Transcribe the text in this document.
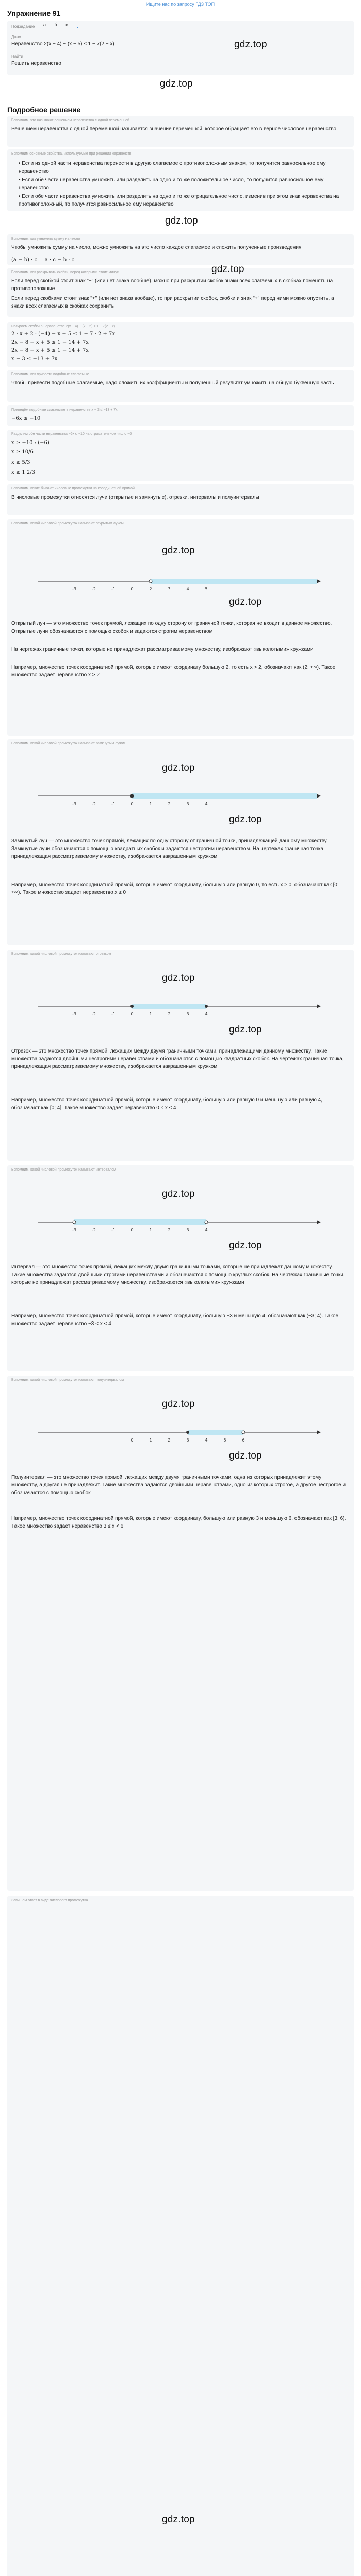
Ищите нас по запросу ГДЗ ТОП
Упражнение 91
Подзадание a б в г
Дано
Неравенство 2(x − 4) − (x − 5) ≤ 1 − 7(2 − x)	gdz.top
Найти
Решить неравенство
gdz.top
Подробное решение
Вспомним, что называют решением неравенства с одной переменной
Решением неравенства с одной переменной называется значение переменной, которое обращает его в верное числовое неравенство
Вспомним основные свойства, используемые при решении неравенств
• Если из одной части неравенства перенести в другую слагаемое с противоположным знаком, то получится равносильное ему неравенство
• Если обе части неравенства умножить или разделить на одно и то же положительное число, то получится равносильное ему неравенство
• Если обе части неравенства умножить или разделить на одно и то же отрицательное число, изменив при этом знак неравенства на противоположный, то получится равносильное ему неравенство
gdz.top
Вспомним, как умножить сумму на число
Чтобы умножить сумму на число, можно умножить на это число каждое слагаемое и сложить полученные произведения
(a − b) · c = a · c − b · c
Вспомним, как раскрывать скобки, перед которыми стоит минус
Если перед скобкой стоит знак "−" (или нет знака вообще), можно при раскрытии скобок знаки всех слагаемых в скобках поменять на противоположные
Если перед скобками стоит знак "+" (или нет знака вообще), то при раскрытии скобок, скобки и знак "+" перед ними можно опустить, а знаки всех слагаемых в скобках сохранить
gdz.top
Раскроем скобки в неравенстве 2(x − 4) − (x − 5) ≤ 1 − 7(2 − x)
2 · x + 2 · (−4) − x + 5 ≤ 1 − 7 · 2 + 7x
2x − 8 − x + 5 ≤ 1 − 14 + 7x
2x − 8 − x + 5 ≤ 1 − 14 + 7x
x − 3 ≤ −13 + 7x
Вспомним, как привести подобные слагаемые
Чтобы привести подобные слагаемые, надо сложить их коэффициенты и полученный результат умножить на общую буквенную часть
Приведём подобные слагаемые в неравенстве x − 3 ≤ −13 + 7x
−6x ≤ −10
Разделим обе части неравенства −6x ≤ −10 на отрицательное число −6
x ≥ −10 : (−6)
x ≥ 10/6
x ≥ 5/3
x ≥ 1 2/3
Вспомним, какие бывают числовые промежутки на координатной прямой
В числовые промежутки относятся лучи (открытые и замкнутые), отрезки, интервалы и полуинтервалы
Вспомним, какой числовой промежуток называют открытым лучом
gdz.top
-3	-2	-1	0	2	3	4	5
gdz.top
Открытый луч — это множество точек прямой, лежащих по одну сторону от граничной точки, которая не входит в данное множество. Открытые лучи обозначаются с помощью скобок и задаются строгим неравенством
На чертежах граничные точки, которые не принадлежат рассматриваемому множеству, изображают «выколотыми» кружками
Например, множество точек координатной прямой, которые имеют координату большую 2, то есть x > 2, обозначают как (2; +∞). Такое множество задает неравенство x > 2
Вспомним, какой числовой промежуток называют замкнутым лучом
gdz.top
-3	-2	-1	0	1	2	3	4
gdz.top
Замкнутый луч — это множество точек прямой, лежащих по одну сторону от граничной точки, принадлежащей данному множеству. Замкнутые лучи обозначаются с помощью квадратных скобок и задаются нестрогим неравенством. На чертежах граничная точка, принадлежащая рассматриваемому множеству, изображается закрашенным кружком
Например, множество точек координатной прямой, которые имеют координату, большую или равную 0, то есть x ≥ 0, обозначают как [0; +∞). Такое множество задает неравенство x ≥ 0
Вспомним, какой числовой промежуток называют отрезком
gdz.top
-3	-2	-1	0	1	2	3	4
gdz.top
Отрезок — это множество точек прямой, лежащих между двумя граничными точками, принадлежащими данному множеству. Такие множества задаются двойными нестрогими неравенствами и обозначаются с помощью квадратных скобок. На чертежах граничная точка, принадлежащая рассматриваемому множеству, изображается закрашенным кружком
Например, множество точек координатной прямой, которые имеют координату, большую или равную 0 и меньшую или равную 4, обозначают как [0; 4]. Такое множество задает неравенство 0 ≤ x ≤ 4
Вспомним, какой числовой промежуток называют интервалом
gdz.top
-3	-2	-1	0	1	2	3	4
gdz.top
Интервал — это множество точек прямой, лежащих между двумя граничными точками, которые не принадлежат данному множеству. Такие множества задаются двойными строгими неравенствами и обозначаются с помощью круглых скобок. На чертежах граничные точки, которые не принадлежат рассматриваемому множеству, изображаются «выколотыми» кружками
Например, множество точек координатной прямой, которые имеют координату, большую −3 и меньшую 4, обозначают как (−3; 4). Такое множество задает неравенство −3 < x < 4
Вспомним, какой числовой промежуток называют полуинтервалом
gdz.top
0	1	2	3	4	5	6
gdz.top
Полуинтервал — это множество точек прямой, лежащих между двумя граничными точками, одна из которых принадлежит этому множеству, а другая не принадлежит. Такие множества задаются двойными неравенствами, одно из которых строгое, а другое нестрогое и обозначаются с помощью скобок
Например, множество точек координатной прямой, которые имеют координату, большую или равную 3 и меньшую 6, обозначают как [3; 6). Такое множество задает неравенство 3 ≤ x < 6
Запишем ответ в виде числового промежутка
gdz.top
